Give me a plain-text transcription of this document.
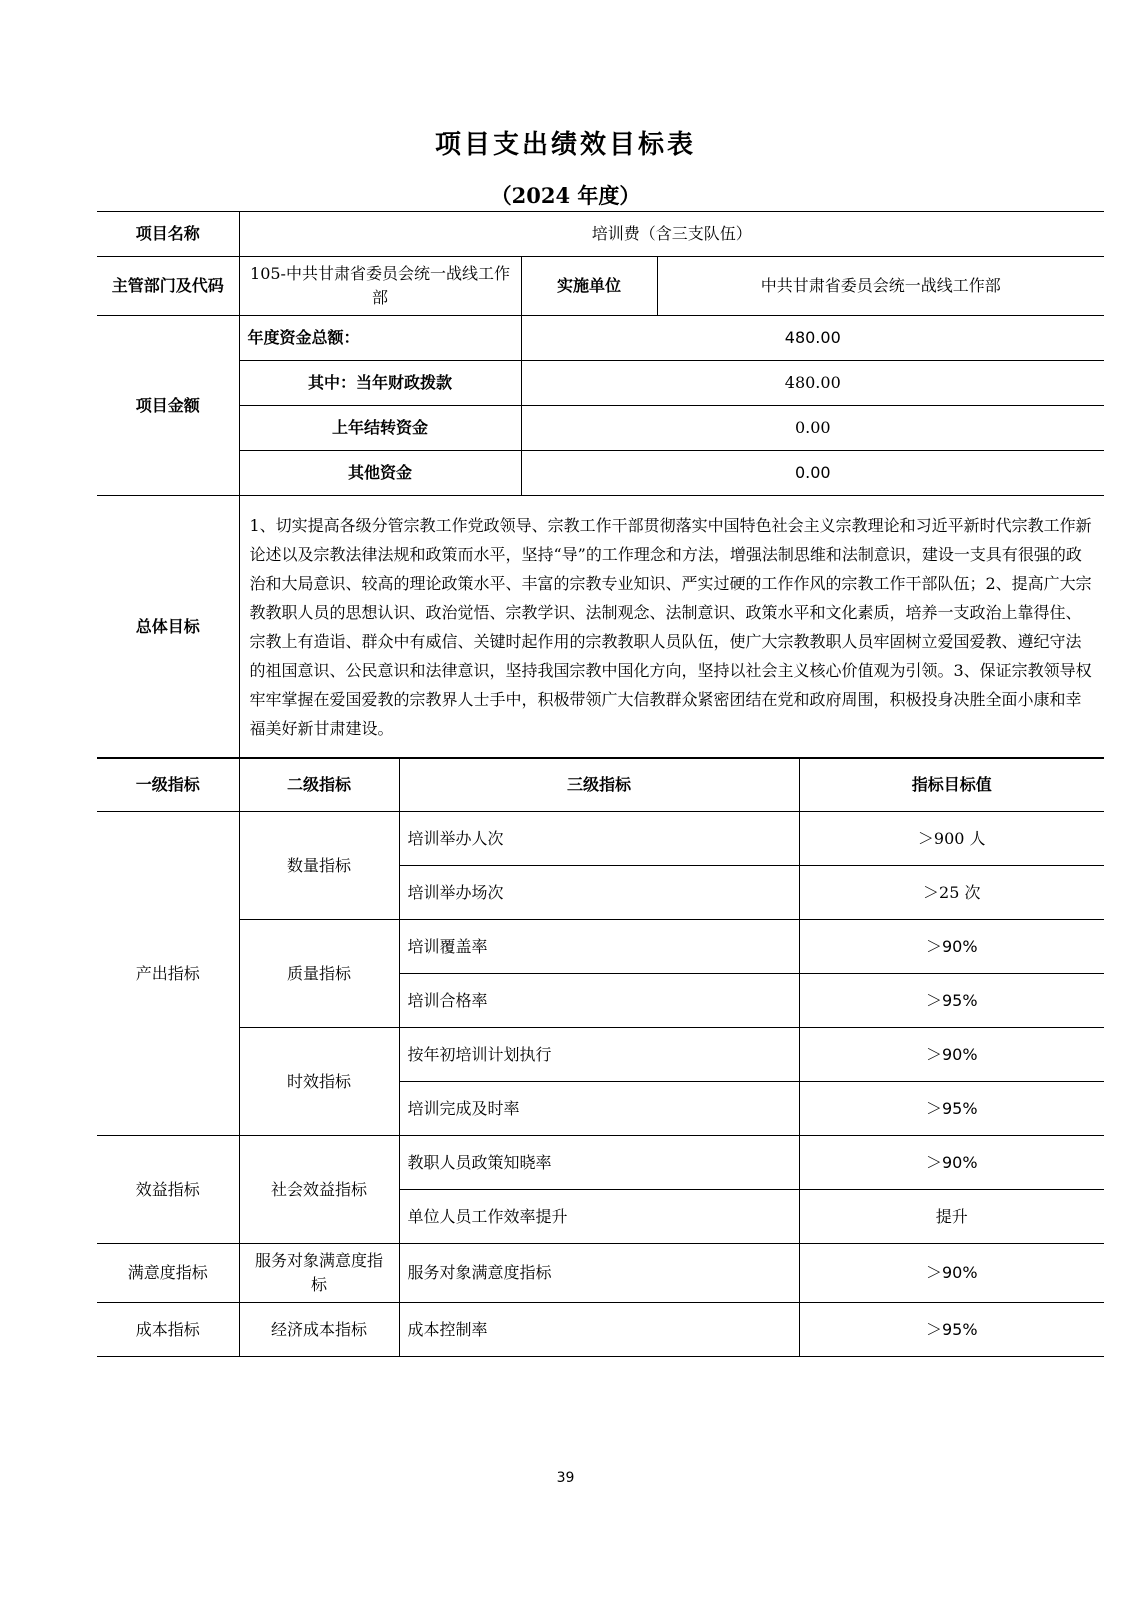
项目支出绩效目标表
（2024 年度）
项目名称	培训费（含三支队伍）		
主管部门及代码	105-中共甘肃省委员会统一战线工作部	实施单位	中共甘肃省委员会统一战线工作部
项目金额	年度资金总额：	480.00	
	其中：当年财政拨款	480.00	
	上年结转资金	0.00	
	其他资金	0.00	
总体目标	1、切实提高各级分管宗教工作党政领导、宗教工作干部贯彻落实中国特色社会主义宗教理论和习近平新时代宗教工作新论述以及宗教法律法规和政策而水平，坚持“导”的工作理念和方法，增强法制思维和法制意识，建设一支具有很强的政治和大局意识、较高的理论政策水平、丰富的宗教专业知识、严实过硬的工作作风的宗教工作干部队伍；2、提高广大宗教教职人员的思想认识、政治觉悟、宗教学识、法制观念、法制意识、政策水平和文化素质，培养一支政治上靠得住、宗教上有造诣、群众中有威信、关键时起作用的宗教教职人员队伍，使广大宗教教职人员牢固树立爱国爱教、遵纪守法的祖国意识、公民意识和法律意识，坚持我国宗教中国化方向，坚持以社会主义核心价值观为引领。3、保证宗教领导权牢牢掌握在爱国爱教的宗教界人士手中，积极带领广大信教群众紧密团结在党和政府周围，积极投身决胜全面小康和幸福美好新甘肃建设。		
一级指标	二级指标	三级指标	指标目标值
产出指标	数量指标	培训举办人次	＞900 人
		培训举办场次	＞25 次
	质量指标	培训覆盖率	＞90%
		培训合格率	＞95%
	时效指标	按年初培训计划执行	＞90%
		培训完成及时率	＞95%
效益指标	社会效益指标	教职人员政策知晓率	＞90%
		单位人员工作效率提升	提升
满意度指标	服务对象满意度指标	服务对象满意度指标	＞90%
成本指标	经济成本指标	成本控制率	＞95%
39
